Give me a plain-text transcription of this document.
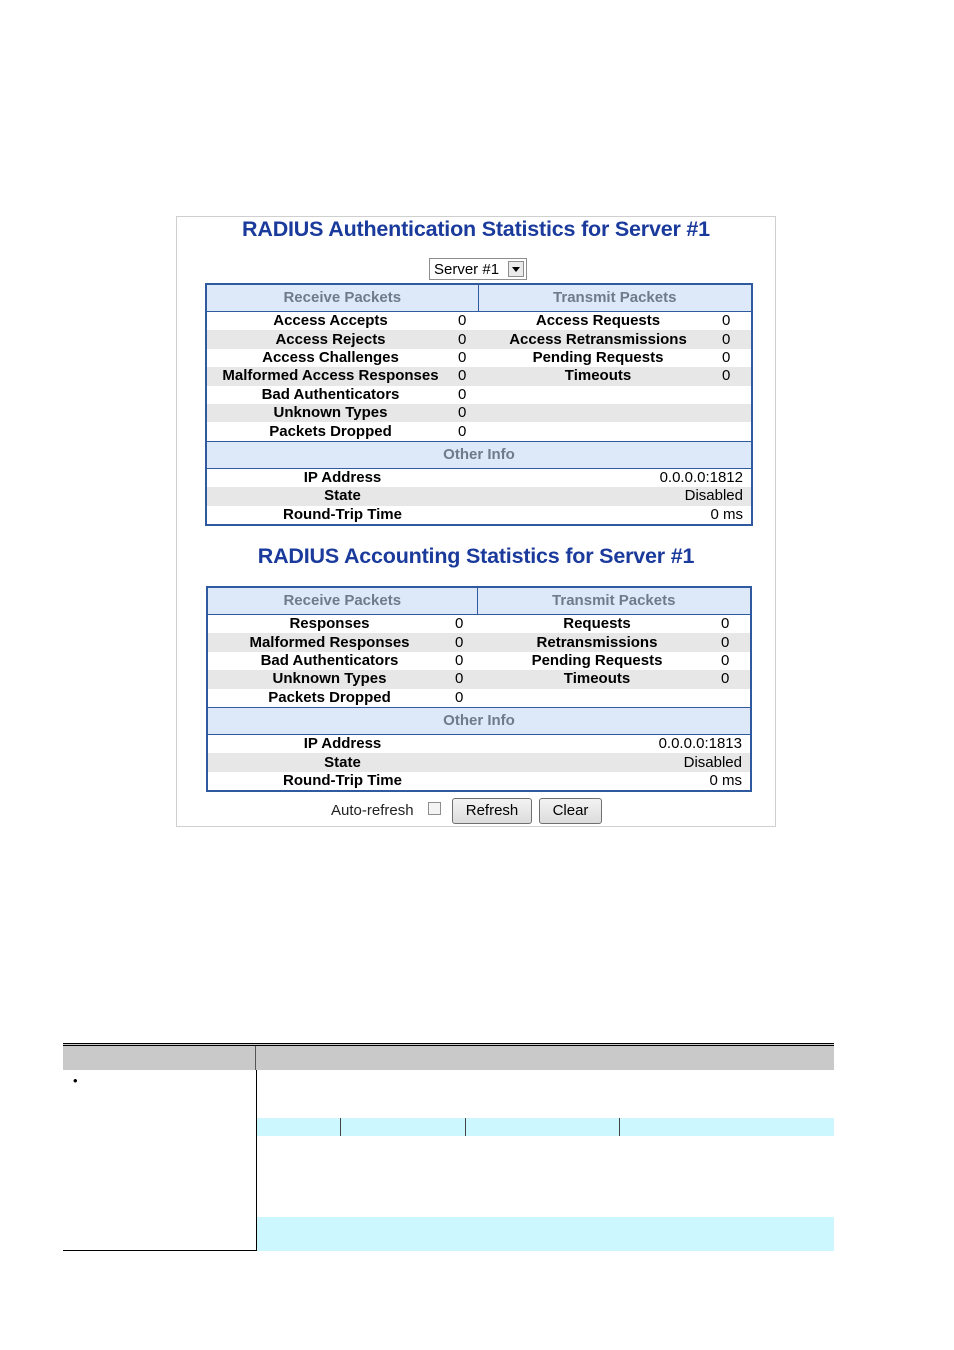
RADIUS Authentication Statistics for Server #1
Server #1
Receive Packets		Transmit Packets	
Access Accepts	0	Access Requests	0
Access Rejects	0	Access Retransmissions	0
Access Challenges	0	Pending Requests	0
Malformed Access Responses	0	Timeouts	0
Bad Authenticators	0		
Unknown Types	0		
Packets Dropped	0		
Other Info			
IP Address		0.0.0.0:1812	
State		Disabled	
Round-Trip Time		0 ms	
RADIUS Accounting Statistics for Server #1
Receive Packets		Transmit Packets	
Responses	0	Requests	0
Malformed Responses	0	Retransmissions	0
Bad Authenticators	0	Pending Requests	0
Unknown Types	0	Timeouts	0
Packets Dropped	0		
Other Info			
IP Address		0.0.0.0:1813	
State		Disabled	
Round-Trip Time		0 ms	
Auto-refresh	Refresh	Clear
•
